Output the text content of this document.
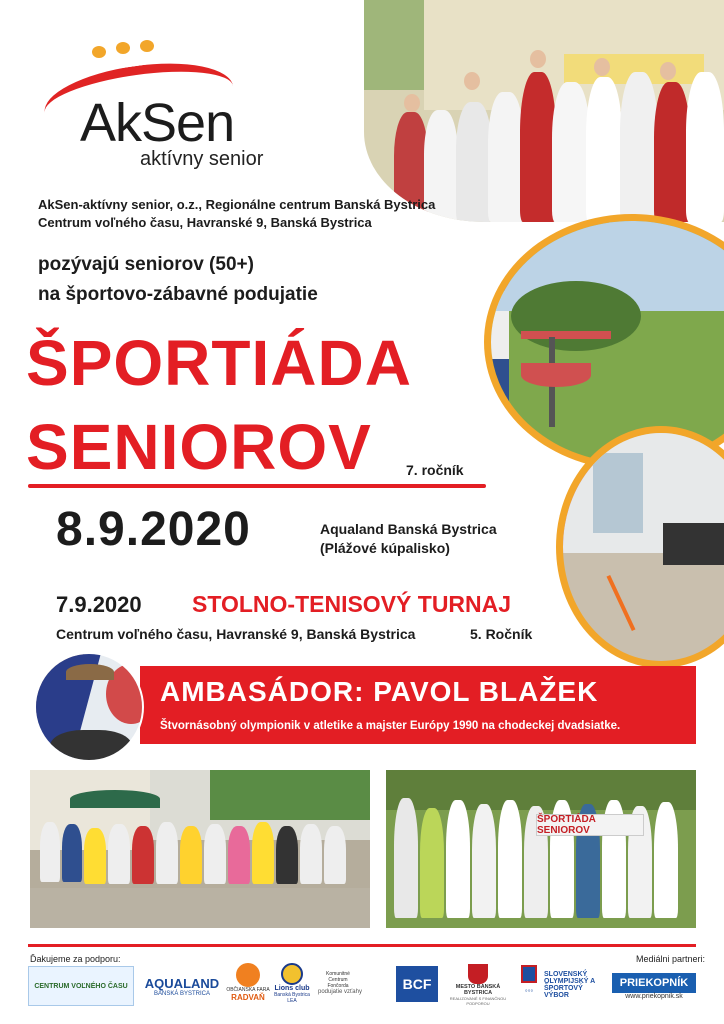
AkSen
aktívny senior
AkSen-aktívny senior, o.z., Regionálne centrum Banská Bystrica
Centrum voľného času, Havranské 9, Banská Bystrica
pozývajú seniorov (50+)
na športovo-zábavné podujatie
ŠPORTIÁDA
SENIOROV 7. ročník
8.9.2020	Aqualand Banská Bystrica
(Plážové kúpalisko)
7.9.2020 STOLNO-TENISOVÝ TURNAJ
Centrum voľného času, Havranské 9, Banská Bystrica	5. Ročník
AMBASÁDOR: PAVOL BLAŽEK
Štvornásobný olympionik v atletike a majster Európy 1990 na chodeckej dvadsiatke.
ŠPORTIÁDA SENIOROV
Ďakujeme za podporu:	Mediálni partneri:
CENTRUM VOĽNÉHO ČASU AQUALAND
BANSKÁ BYSTRICA
OBČIANSKA FARA
RADVAŇ
Lions club
Banská Bystrica LEA
Komunitné Centrum Fončorda
podujatie vzťahy	BCF	MESTO BANSKÁ BYSTRICA
REALIZOVANÉ S FINANČNOU PODPOROU
◦◦◦
SLOVENSKÝ OLYMPIJSKÝ A ŠPORTOVÝ VÝBOR
PRIEKOPNÍK
www.priekopnik.sk
